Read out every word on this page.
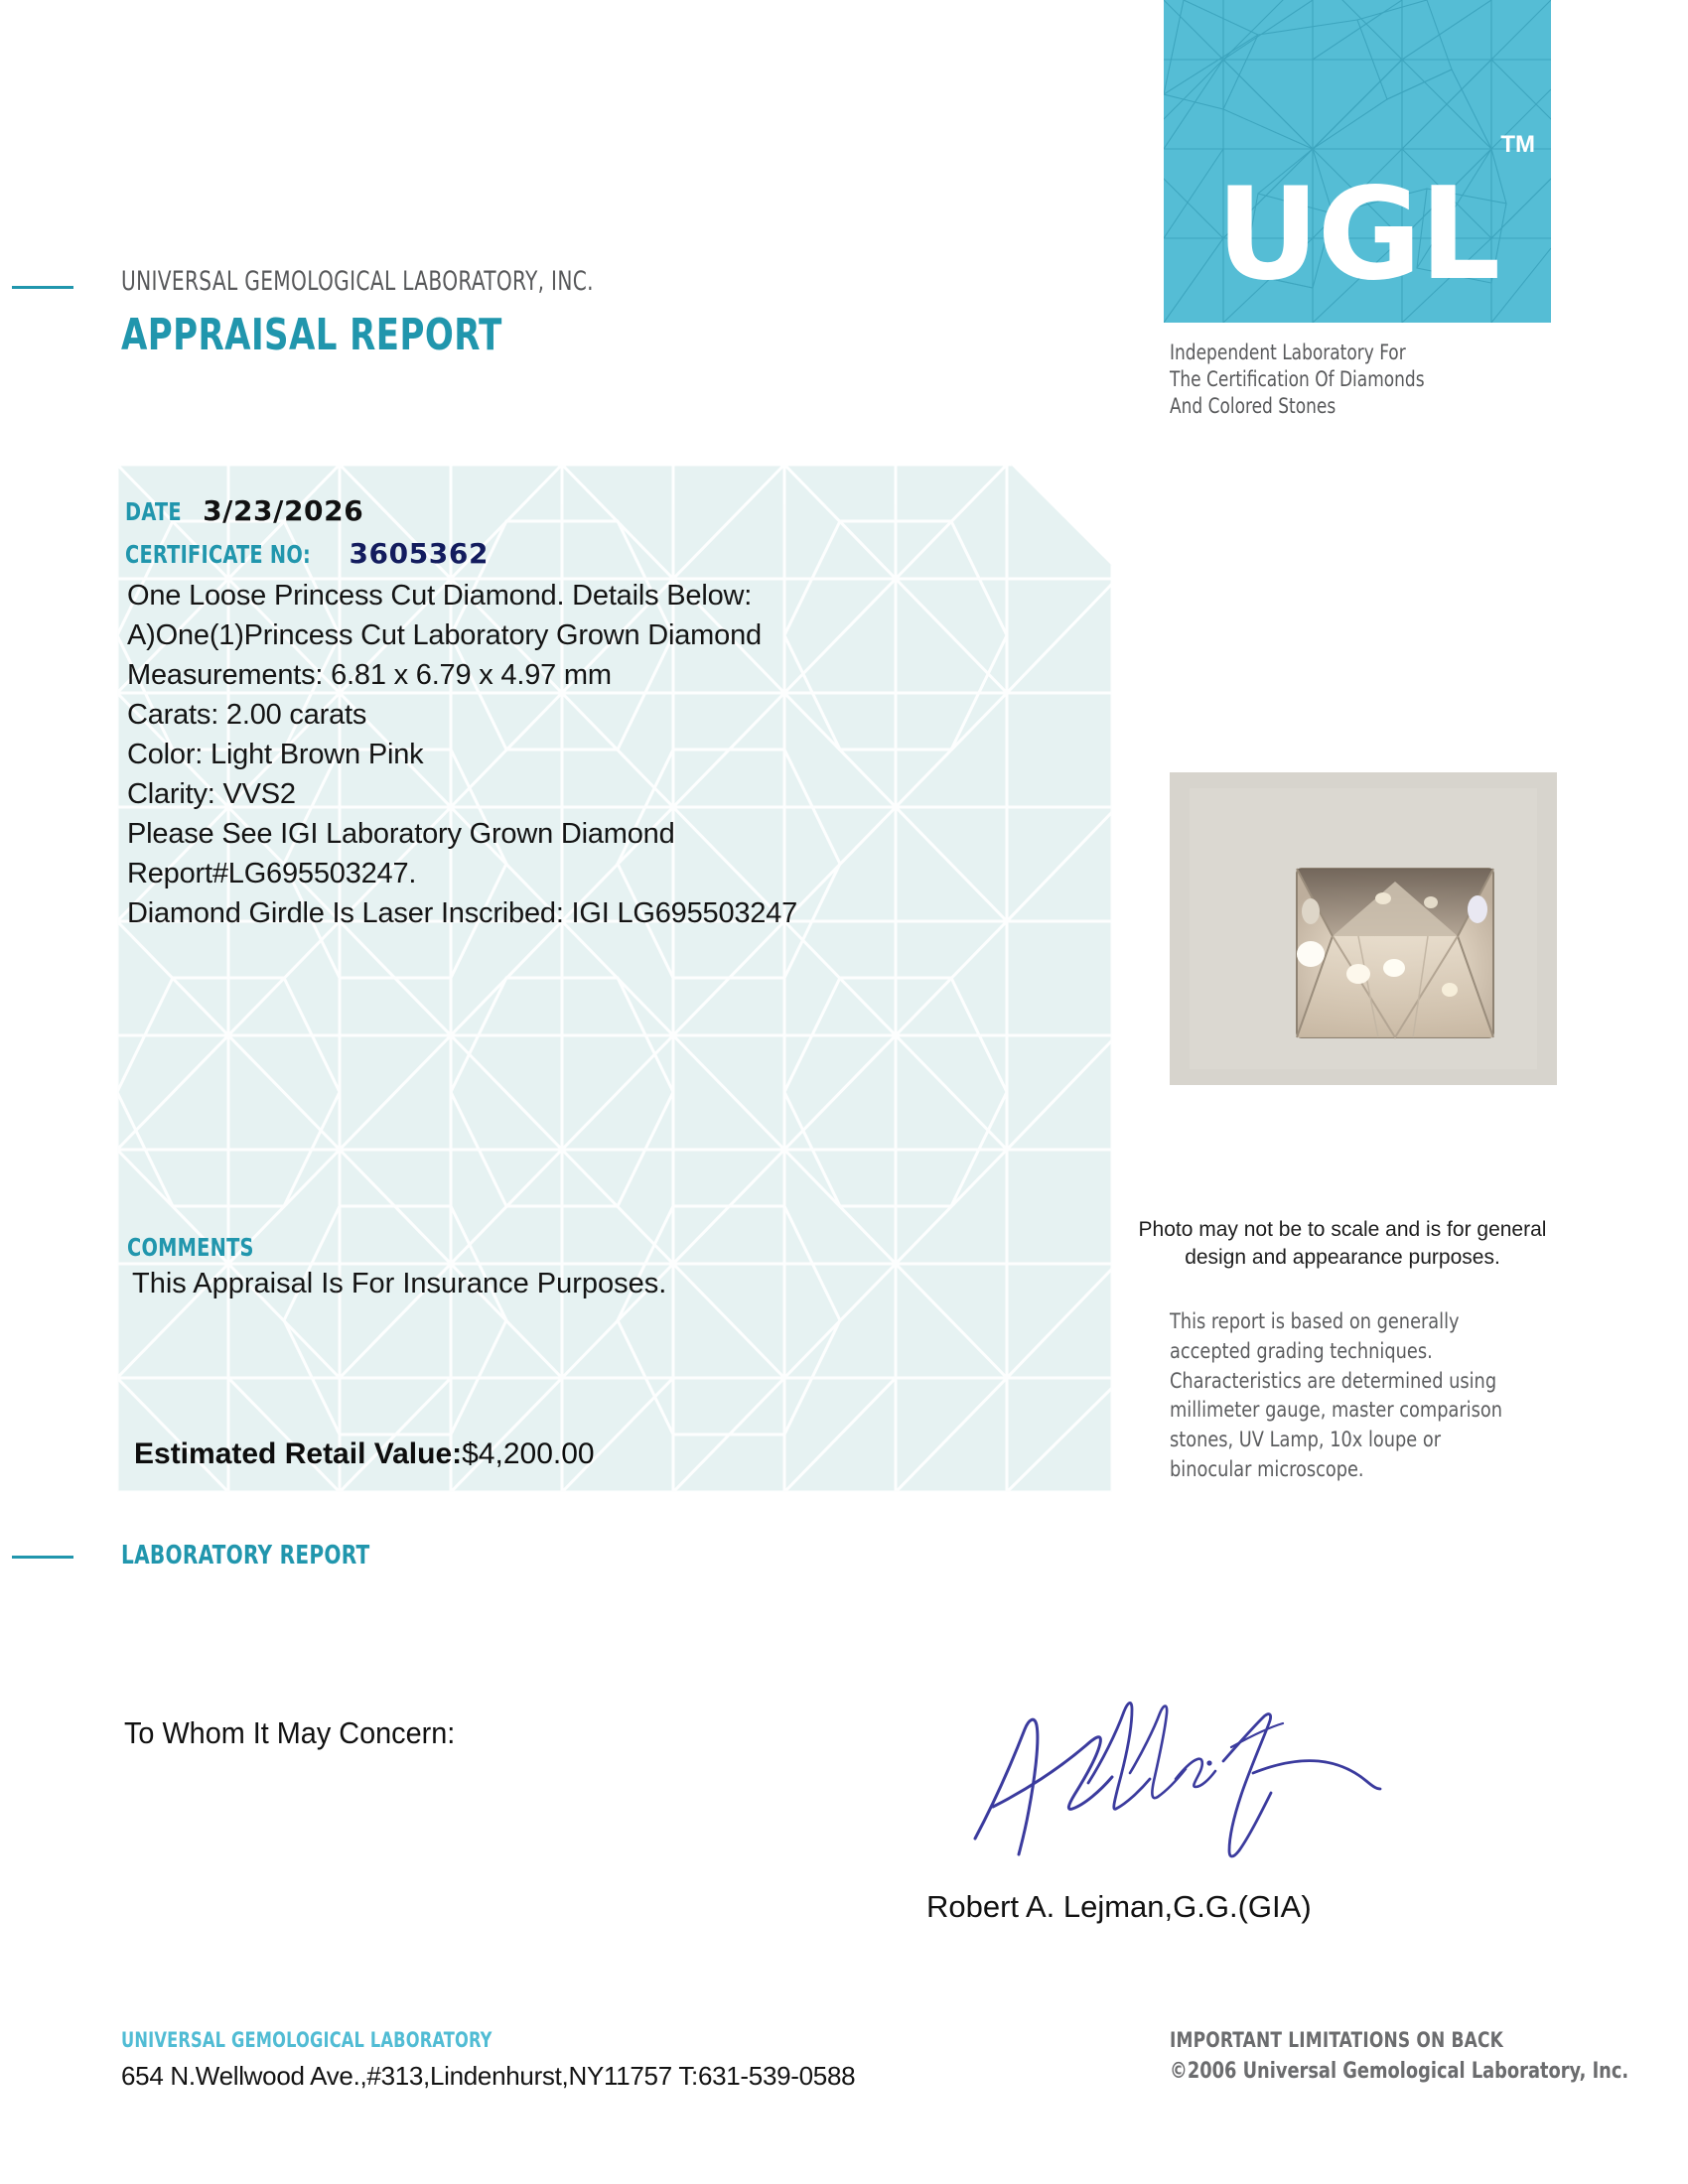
UNIVERSAL GEMOLOGICAL LABORATORY, INC.
APPRAISAL REPORT
UGL
TM
Independent Laboratory For
The Certification Of Diamonds
And Colored Stones
DATE 3/23/2026
CERTIFICATE NO: 3605362
One Loose Princess Cut Diamond. Details Below:
A)One(1)Princess Cut Laboratory Grown Diamond
Measurements: 6.81 x 6.79 x 4.97 mm
Carats: 2.00 carats
Color: Light Brown Pink
Clarity: VVS2
Please See IGI Laboratory Grown Diamond
Report#LG695503247.
Diamond Girdle Is Laser Inscribed: IGI LG695503247
COMMENTS
This Appraisal Is For Insurance Purposes.
Estimated Retail Value:$4,200.00
Photo may not be to scale and is for general design and appearance purposes.
This report is based on generally accepted grading techniques. Characteristics are determined using millimeter gauge, master comparison stones, UV Lamp, 10x loupe or binocular microscope.
LABORATORY REPORT
To Whom It May Concern:
Robert A. Lejman,G.G.(GIA)
UNIVERSAL GEMOLOGICAL LABORATORY
654 N.Wellwood Ave.,#313,Lindenhurst,NY11757 T:631-539-0588
IMPORTANT LIMITATIONS ON BACK
©2006 Universal Gemological Laboratory, Inc.
